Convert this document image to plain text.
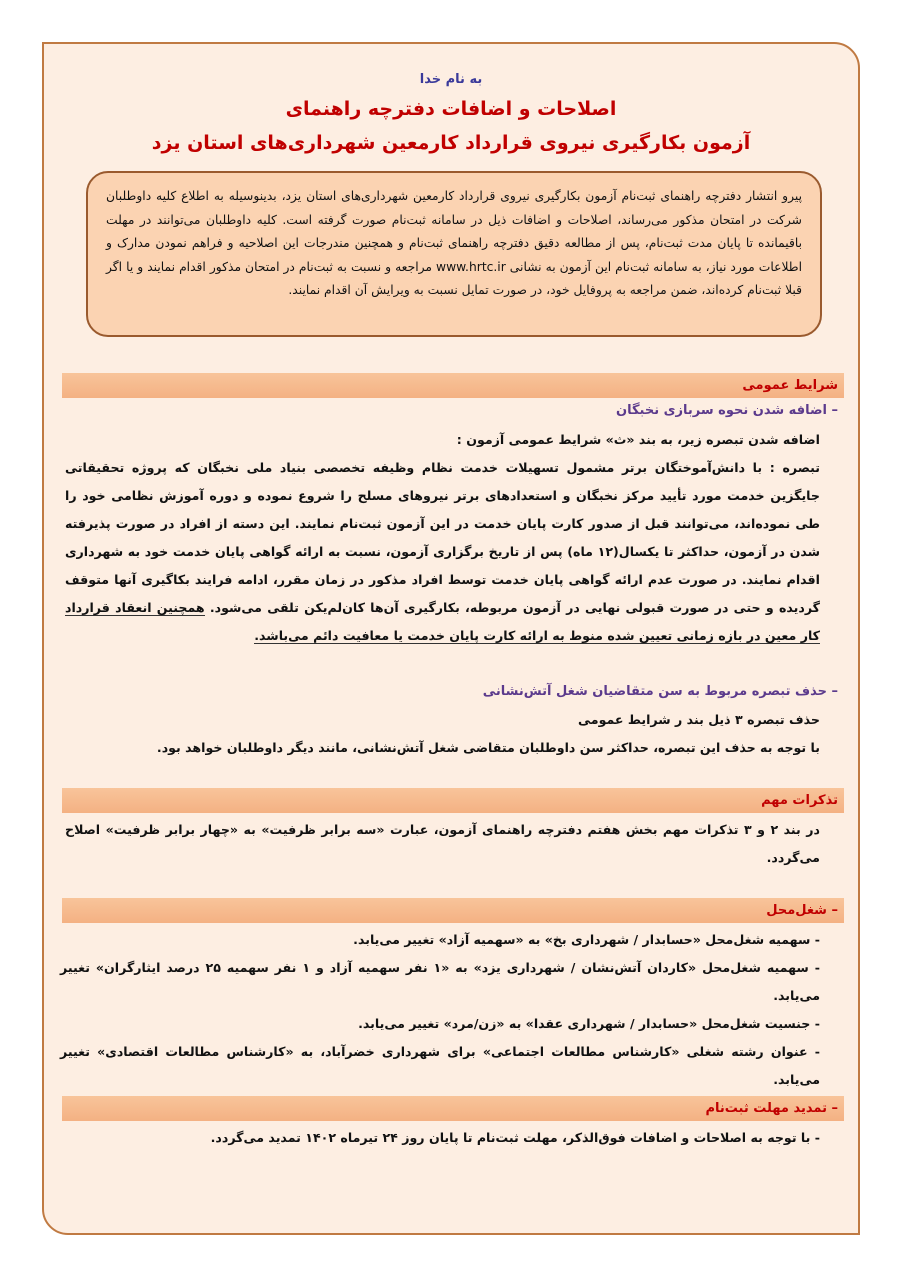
به نام خدا
اصلاحات و اضافات دفترچه راهنمای
آزمون بکارگیری نیروی قرارداد کارمعین شهرداری‌های استان یزد
پیرو انتشار دفترچه راهنمای ثبت‌نام آزمون بکارگیری نیروی قرارداد کارمعین شهرداری‌های استان یزد، بدینوسیله به اطلاع کلیه داوطلبان شرکت در امتحان مذکور می‌رساند، اصلاحات و اضافات ذیل در سامانه ثبت‌نام صورت گرفته است. کلیه داوطلبان می‌توانند در مهلت باقیمانده تا پایان مدت ثبت‌نام، پس از مطالعه دقیق دفترچه راهنمای ثبت‌نام و همچنین مندرجات این اصلاحیه و فراهم نمودن مدارک و اطلاعات مورد نیاز، به سامانه ثبت‌نام این آزمون به نشانی www.hrtc.ir مراجعه و نسبت به ثبت‌نام در امتحان مذکور اقدام نمایند و یا اگر قبلا ثبت‌نام کرده‌اند، ضمن مراجعه به پروفایل خود، در صورت تمایل نسبت به ویرایش آن اقدام نمایند.
شرایط عمومی
– اضافه شدن نحوه سربازی نخبگان
اضافه شدن تبصره زیر، به بند «ث» شرایط عمومی آزمون :
تبصره : با دانش‌آموختگان برتر مشمول تسهیلات خدمت نظام وظیفه تخصصی بنیاد ملی نخبگان که پروژه تحقیقاتی جایگزین خدمت مورد تأیید مرکز نخبگان و استعدادهای برتر نیروهای مسلح را شروع نموده و دوره آموزش نظامی خود را طی نموده‌اند، می‌توانند قبل از صدور کارت پایان خدمت در این آزمون ثبت‌نام نمایند. این دسته از افراد در صورت پذیرفته شدن در آزمون، حداکثر تا یکسال(۱۲ ماه) پس از تاریخ برگزاری آزمون، نسبت به ارائه گواهی پایان خدمت خود به شهرداری اقدام نمایند. در صورت عدم ارائه گواهی پایان خدمت توسط افراد مذکور در زمان مقرر، ادامه فرایند بکاگیری آنها متوقف گردیده و حتی در صورت قبولی نهایی در آزمون مربوطه، بکارگیری آن‌ها کان‌لم‌یکن تلقی می‌شود. همچنین انعقاد قرارداد کار معین در بازه زمانی تعیین شده منوط به ارائه کارت پایان خدمت یا معافیت دائم می‌باشد.
– حذف تبصره مربوط به سن متقاضیان شغل آتش‌نشانی
حذف تبصره ۳ ذیل بند ر شرایط عمومی
با توجه به حذف این تبصره، حداکثر سن داوطلبان متقاضی شغل آتش‌نشانی، مانند دیگر داوطلبان خواهد بود.
تذکرات مهم
در بند ۲ و ۳ تذکرات مهم بخش هفتم دفترچه راهنمای آزمون، عبارت «سه برابر ظرفیت» به «چهار برابر ظرفیت» اصلاح می‌گردد.
– شغل‌محل
- سهمیه شغل‌محل «حسابدار / شهرداری بخ» به «سهمیه آزاد» تغییر می‌یابد.
- سهمیه شغل‌محل «کاردان آتش‌نشان / شهرداری یزد» به «۱ نفر سهمیه آزاد و ۱ نفر سهمیه ۲۵ درصد ایثارگران» تغییر می‌یابد.
- جنسیت شغل‌محل «حسابدار / شهرداری عقدا» به «زن/مرد» تغییر می‌یابد.
- عنوان رشته شغلی «کارشناس مطالعات اجتماعی» برای شهرداری خضرآباد، به «کارشناس مطالعات اقتصادی» تغییر می‌یابد.
– تمدید مهلت ثبت‌نام
- با توجه به اصلاحات و اضافات فوق‌الذکر، مهلت ثبت‌نام تا پایان روز ۲۴ تیرماه ۱۴۰۲ تمدید می‌گردد.
